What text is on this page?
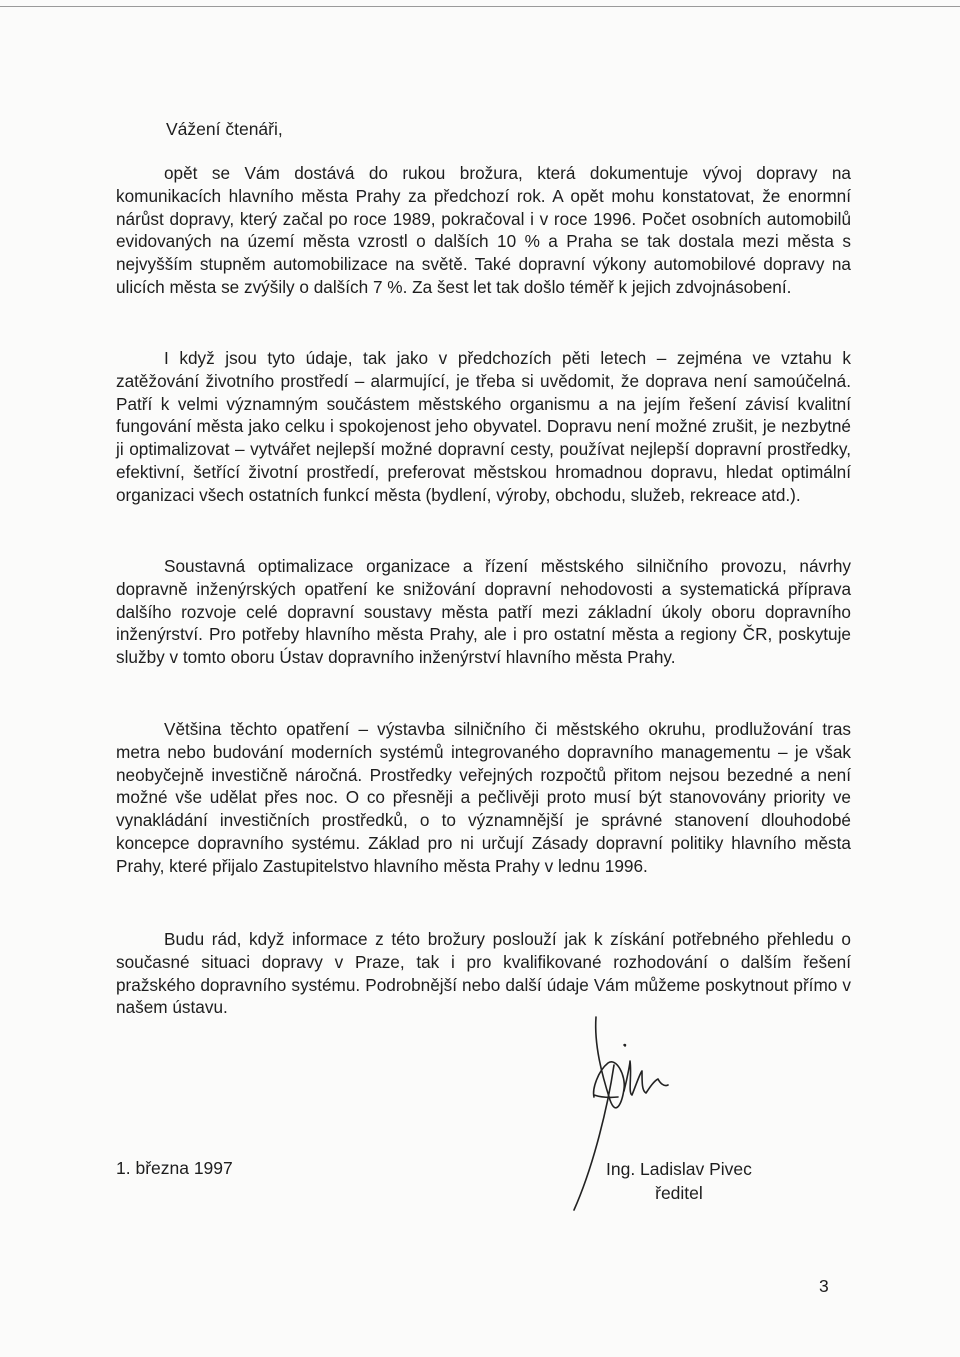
Vážení čtenáři,

opět se Vám dostává do rukou brožura, která dokumentuje vývoj dopravy na komunikacích hlavního města Prahy za předchozí rok. A opět mohu konstatovat, že enormní nárůst dopravy, který začal po roce 1989, pokračoval i v roce 1996. Počet osobních automobilů evidovaných na území města vzrostl o dalších 10 % a Praha se tak dostala mezi města s nejvyšším stupněm automobilizace na světě. Také dopravní výkony automobilové dopravy na ulicích města se zvýšily o dalších 7 %. Za šest let tak došlo téměř k jejich zdvojnásobení.

I když jsou tyto údaje, tak jako v předchozích pěti letech – zejména ve vztahu k zatěžování životního prostředí – alarmující, je třeba si uvědomit, že doprava není samoúčelná. Patří k velmi významným součástem městského organismu a na jejím řešení závisí kvalitní fungování města jako celku i spokojenost jeho obyvatel. Dopravu není možné zrušit, je nezbytné ji optimalizovat – vytvářet nejlepší možné dopravní cesty, používat nejlepší dopravní prostředky, efektivní, šetřící životní prostředí, preferovat městskou hromadnou dopravu, hledat optimální organizaci všech ostatních funkcí města (bydlení, výroby, obchodu, služeb, rekreace atd.).

Soustavná optimalizace organizace a řízení městského silničního provozu, návrhy dopravně inženýrských opatření ke snižování dopravní nehodovosti a systematická příprava dalšího rozvoje celé dopravní soustavy města patří mezi základní úkoly oboru dopravního inženýrství. Pro potřeby hlavního města Prahy, ale i pro ostatní města a regiony ČR, poskytuje služby v tomto oboru Ústav dopravního inženýrství hlavního města Prahy.

Většina těchto opatření – výstavba silničního či městského okruhu, prodlužování tras metra nebo budování moderních systémů integrovaného dopravního managementu – je však neobyčejně investičně náročná. Prostředky veřejných rozpočtů přitom nejsou bezedné a není možné vše udělat přes noc. O co přesněji a pečlivěji proto musí být stanovovány priority ve vynakládání investičních prostředků, o to významnější je správné stanovení dlouhodobé koncepce dopravního systému. Základ pro ni určují Zásady dopravní politiky hlavního města Prahy, které přijalo Zastupitelstvo hlavního města Prahy v lednu 1996.

Budu rád, když informace z této brožury poslouží jak k získání potřebného přehledu o současné situaci dopravy v Praze, tak i pro kvalifikované rozhodování o dalším řešení pražského dopravního systému. Podrobnější nebo další údaje Vám můžeme poskytnout přímo v našem ústavu.

1. března 1997	Ing. Ladislav Pivec
ředitel
3
